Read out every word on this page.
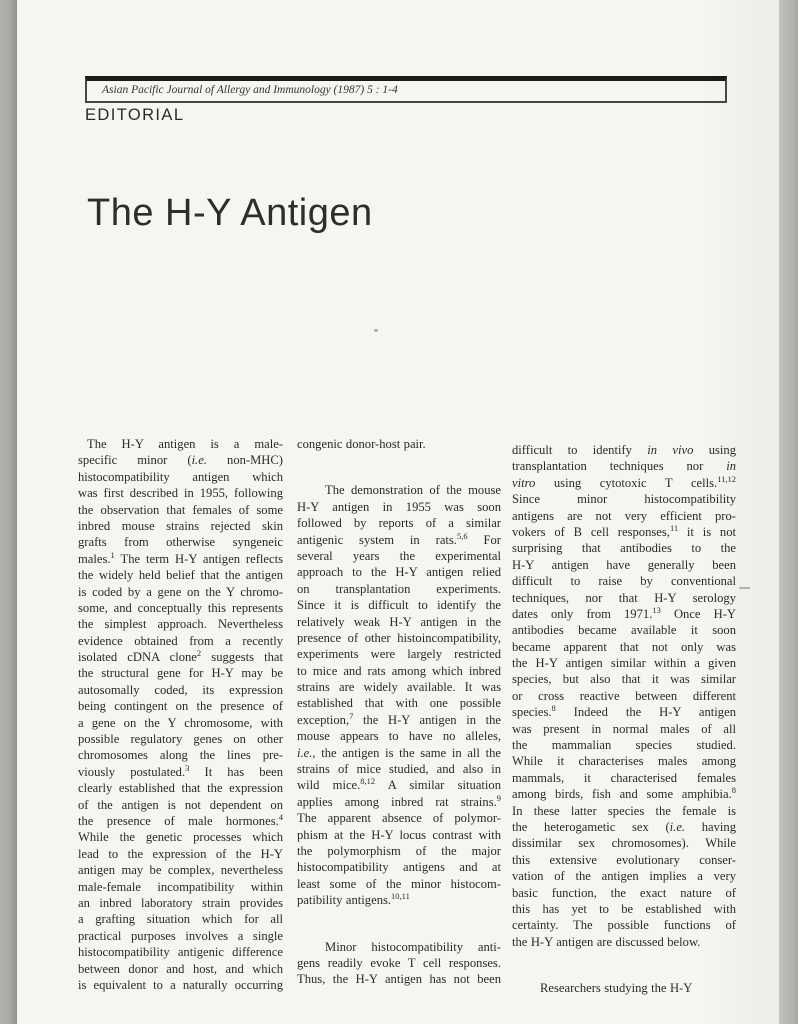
Asian Pacific Journal of Allergy and Immunology (1987) 5 : 1-4
EDITORIAL
The H-Y Antigen
The H-Y antigen is a male-
specific minor (i.e. non-MHC)
histocompatibility antigen which
was first described in 1955, following
the observation that females of some
inbred mouse strains rejected skin
grafts from otherwise syngeneic
males.$^1$ The term H-Y antigen reflects
the widely held belief that the antigen
is coded by a gene on the Y chromo-
some, and conceptually this represents
the simplest approach. Nevertheless
evidence obtained from a recently
isolated cDNA clone$^2$ suggests that
the structural gene for H-Y may be
autosomally coded, its expression
being contingent on the presence of
a gene on the Y chromosome, with
possible regulatory genes on other
chromosomes along the lines pre-
viously postulated.$^3$ It has been
clearly established that the expression
of the antigen is not dependent on
the presence of male hormones.$^4$
While the genetic processes which
lead to the expression of the H-Y
antigen may be complex, nevertheless
male-female incompatibility within
an inbred laboratory strain provides
a grafting situation which for all
practical purposes involves a single
histocompatibility antigenic difference
between donor and host, and which
is equivalent to a naturally occurring
congenic donor-host pair.
The demonstration of the mouse
H-Y antigen in 1955 was soon
followed by reports of a similar
antigenic system in rats.$^{5,6}$ For
several years the experimental
approach to the H-Y antigen relied
on transplantation experiments.
Since it is difficult to identify the
relatively weak H-Y antigen in the
presence of other histoincompatibility,
experiments were largely restricted
to mice and rats among which inbred
strains are widely available. It was
established that with one possible
exception,$^7$ the H-Y antigen in the
mouse appears to have no alleles,
i.e., the antigen is the same in all the
strains of mice studied, and also in
wild mice.$^{8,12}$ A similar situation
applies among inbred rat strains.$^9$
The apparent absence of polymor-
phism at the H-Y locus contrast with
the polymorphism of the major
histocompatibility antigens and at
least some of the minor histocom-
patibility antigens.$^{10,11}$
Minor histocompatibility anti-
gens readily evoke T cell responses.
Thus, the H-Y antigen has not been
difficult to identify in vivo using
transplantation techniques nor in
vitro using cytotoxic T cells.$^{11,12}$
Since minor histocompatibility
antigens are not very efficient pro-
vokers of B cell responses,$^{11}$ it is not
surprising that antibodies to the
H-Y antigen have generally been
difficult to raise by conventional
techniques, nor that H-Y serology
dates only from 1971.13 Once H-Y
antibodies became available it soon
became apparent that not only was
the H-Y antigen similar within a given
species, but also that it was similar
or cross reactive between different
species.$^8$ Indeed the H-Y antigen
was present in normal males of all
the mammalian species studied.
While it characterises males among
mammals, it characterised females
among birds, fish and some amphibia.$^8$
In these latter species the female is
the heterogametic sex (i.e. having
dissimilar sex chromosomes). While
this extensive evolutionary conser-
vation of the antigen implies a very
basic function, the exact nature of
this has yet to be established with
certainty. The possible functions of
the H-Y antigen are discussed below.
Researchers studying the H-Y
